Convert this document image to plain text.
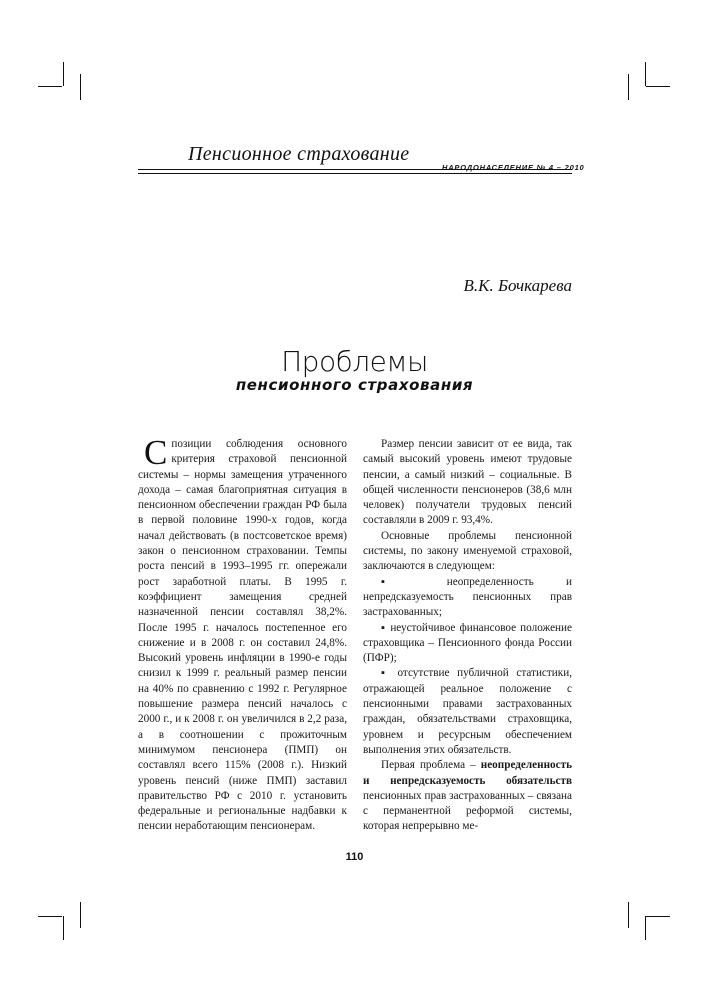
Пенсионное страхование
НАРОДОНАСЕЛЕНИЕ № 4 – 2010
В.К. Бочкарева
Проблемы
пенсионного страхования

Спозиции соблюдения основного критерия страховой пенсионной системы – нормы замещения утраченного дохода – самая благоприятная ситуация в пенсионном обеспечении граждан РФ была в первой половине 1990-х годов, когда начал действовать (в постсоветское время) закон о пенсионном страховании. Темпы роста пенсий в 1993–1995 гг. опережали рост заработной платы. В 1995 г. коэффициент замещения средней назначенной пенсии составлял 38,2%. После 1995 г. началось постепенное его снижение и в 2008 г. он составил 24,8%. Высокий уровень инфляции в 1990-е годы снизил к 1999 г. реальный размер пенсии на 40% по сравнению с 1992 г. Регулярное повышение размера пенсий началось с 2000 г., и к 2008 г. он увеличился в 2,2 раза, а в соотношении с прожиточным минимумом пенсионера (ПМП) он составлял всего 115% (2008 г.). Низкий уровень пенсий (ниже ПМП) заставил правительство РФ с 2010 г. установить федеральные и региональные надбавки к пенсии неработающим пенсионерам.

Размер пенсии зависит от ее вида, так самый высокий уровень имеют трудовые пенсии, а самый низкий – социальные. В общей численности пенсионеров (38,6 млн человек) получатели трудовых пенсий составляли в 2009 г. 93,4%.

Основные проблемы пенсионной системы, по закону именуемой страховой, заключаются в следующем:

▪ неопределенность и непредсказуемость пенсионных прав застрахованных;

▪ неустойчивое финансовое положение страховщика – Пенсионного фонда России (ПФР);

▪ отсутствие публичной статистики, отражающей реальное положение с пенсионными правами застрахованных граждан, обязательствами страховщика, уровнем и ресурсным обеспечением выполнения этих обязательств.

Первая проблема – неопределенность и непредсказуемость обязательств пенсионных прав застрахованных – связана с перманентной реформой системы, которая непрерывно ме-

110
